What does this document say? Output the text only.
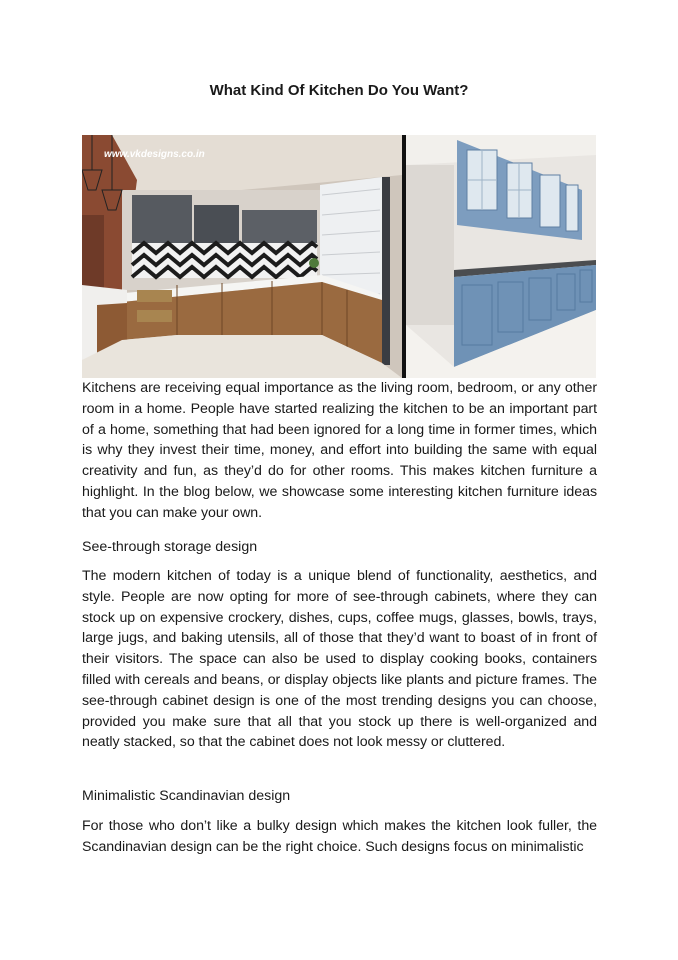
What Kind Of Kitchen Do You Want?
www.vkdesigns.co.in
Kitchens are receiving equal importance as the living room, bedroom, or any other room in a home. People have started realizing the kitchen to be an important part of a home, something that had been ignored for a long time in former times, which is why they invest their time, money, and effort into building the same with equal creativity and fun, as they’d do for other rooms. This makes kitchen furniture a highlight. In the blog below, we showcase some interesting kitchen furniture ideas that you can make your own.
See-through storage design
The modern kitchen of today is a unique blend of functionality, aesthetics, and style. People are now opting for more of see-through cabinets, where they can stock up on expensive crockery, dishes, cups, coffee mugs, glasses, bowls, trays, large jugs, and baking utensils, all of those that they’d want to boast of in front of their visitors. The space can also be used to display cooking books, containers filled with cereals and beans, or display objects like plants and picture frames. The see-through cabinet design is one of the most trending designs you can choose, provided you make sure that all that you stock up there is well-organized and neatly stacked, so that the cabinet does not look messy or cluttered.
Minimalistic Scandinavian design
For those who don’t like a bulky design which makes the kitchen look fuller, the Scandinavian design can be the right choice. Such designs focus on minimalistic
